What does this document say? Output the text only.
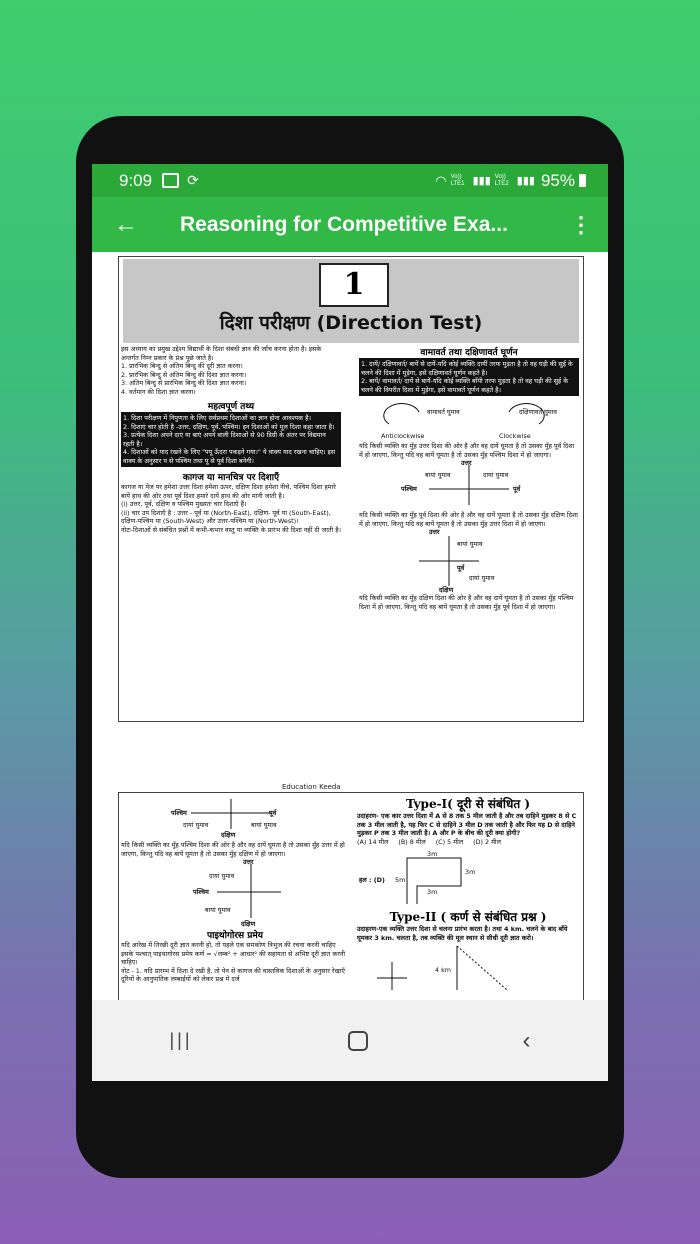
9:09	⟳	◠ Vo)) LTE1 ▮▮▮ Vo)) LTE2 ▮▮▮ 95%
←	Reasoning for Competitive Exa...	⋮
1
दिशा परीक्षण (Direction Test)
इस अध्याय का प्रमुख उद्देश्य विद्यार्थी के दिशा संबंधी ज्ञान की जाँच करना होता है। इसके अन्तर्गत निम्न प्रकार के प्रश्न पूछे जाते है।
1. प्रारंभिक बिन्दु से अंतिम बिन्दु की दूरी ज्ञात करना।
2. प्रारंभिक बिन्दु से अंतिम बिन्दु की दिशा ज्ञात करना।
3. अंतिम बिन्दु से प्रारंभिक बिन्दु की दिशा ज्ञात करना।
4. वर्तमान की दिशा ज्ञात करना।
महत्वपूर्ण तथ्य
1. दिशा परीक्षण में निपुणता के लिए सर्वप्रथम दिशाओं का ज्ञान होना आवश्यक है।
2. दिशाएं चार होती है -उत्तर, दक्षिण, पूर्व, पश्चिम। इन दिशाओं को मूल दिशा कहा जाता है।
3. प्रत्येक दिशा अपने दाएं या बाएं अपने वाली दिशाओं से 90 डिग्री के अंतर पर विद्यमान रहती है।
4. दिशाओं को याद रखने के लिए "पपू ऊँदरा पकड़ने गया।" ये वाक्य याद रखना चाहिए। इस वाक्य के अनुसार प से पश्चिम तथा पू से पूर्व दिशा बनेगी।
कागज या मानचित्र पर दिशाएँ
कागज या पेज पर हमेशा उत्तर दिशा हमेशा ऊपर, दक्षिण दिशा हमेशा नीचे, पश्चिम दिशा हमारे बायें हाथ की ओर तथा पूर्व दिशा हमारे दायें हाथ की ओर मानी जाती है।
(i) उत्तर, पूर्व, दक्षिण व पश्चिम मुख्यतः चार दिशाएँ हैं।
(ii) चार उप दिशाएँ है : उत्तर - पूर्व या (North-East), दक्षिण- पूर्व या (South-East), दक्षिण-पश्चिम या (South-West) और उत्तर-पश्चिम या (North-West)।
नोटः-दिशाओं से संबंधित प्रश्नों में कभी-कभार वस्तु या व्यक्ति के प्रारंभ की दिशा नहीं दी जाती है।
वामावर्त तथा दक्षिणावर्त घूर्णन
1. दायें/ दक्षिणावर्त/ बायें से दायें-यदि कोई व्यक्ति दायीं तरफ मुड़ता है तो वह घड़ी की सुई के चलने की दिशा में मुड़ेगा, इसे दक्षिणावर्त घूर्णन कहते है।
2. बायें/ वामावर्त/ दायें से बायें-यदि कोई व्यक्ति बाँयी तरफ मुड़ता है तो वह घड़ी की सुई के चलने की विपरीत दिशा में मुड़ेगा, इसे वामावर्त घूर्णन कहते है।
Anticlockwise	Clockwise
वामावर्त घुमाव	दक्षिणावर्त घुमाव
यदि किसी व्यक्ति का मुँह उत्तर दिशा की ओर है और वह दायें घूमता है तो उसका मुँह पूर्व दिशा में हो जाएगा, किन्तु यदि वह बायें घूमता है तो उसका मुँह पश्चिम दिशा में हो जाएगा।
उत्तर
पश्चिम	पूर्व
बायां घुमाव	दायां घुमाव
यदि किसी व्यक्ति का मुँह पूर्व दिशा की ओर है और वह दायें घूमता है तो उसका मुँह दक्षिण दिशा में हो जाएगा, किन्तु यदि वह बायें घूमता है तो उसका मुँह उत्तर दिशा में हो जाएगा।
उत्तर
पूर्व
दक्षिण
बायां घुमाव
दायां घुमाव
यदि किसी व्यक्ति का मुँह दक्षिण दिशा की ओर है और वह दायें घूमता है तो उसका मुँह पश्चिम दिशा में हो जाएगा, किन्तु यदि वह बायें घूमता है तो उसका मुँह पूर्व दिशा में हो जाएगा।
Education Keeda
पश्चिम	पूर्व
दक्षिण
दायां घुमाव	बायां घुमाव
यदि किसी व्यक्ति का मुँह पश्चिम दिशा की ओर है और वह दायें घूमता है तो उसका मुँह उत्तर में हो जाएगा, किन्तु यदि वह बायें घूमता है तो उसका मुँह दक्षिण में हो जाएगा।
उत्तर
पश्चिम
दक्षिण
दायां घुमाव
बायां घुमाव
पाइथोगोरस प्रमेय
यदि आरेख में तिरछी दूरी ज्ञात करनी हो, तो पहले एक समकोण त्रिभुज की रचना करनी चाहिए इसके पश्चात् पाइथागोरस प्रमेय कर्ण = √लम्ब² + आधार² की सहायता से अभिष्ट दूरी ज्ञात करनी चाहिए।
नोट - 1. यदि प्रारम्भ में दिशा दे रखी है, तो पेन से कागज की वास्तविक दिशाओं के अनुसार रेखाएँ दूरियों के आनुपातिक लम्बाईयों को लेकर प्रश्न मे दर्ज
Type-I( दूरी से संबंधित )
उदाहरण- एक कार उत्तर दिशा में A से 8 तक 5 मील जाती है और तब दाहिने मुड़कर 8 से C तक 3 मील जाती है, यह फिर C से दाहिने 3 मील D तक जाती है और फिर यह D से दाहिने मुड़कर P तक 3 मील जाती है। A और P के बीच की दूरी क्या होगी?
(A) 14 मील (B) 8 मील (C) 5 मील (D) 2 मील
हल : (D)
3m
3m
5m
3m
Type-II ( कर्ण से संबंधित प्रश्न )
उदाहरण-एक व्यक्ति उत्तर दिशा से चलना प्रारंभ करता है। तथा 4 km. चलने के बाद बाँये घूमकर 3 km. चलता है, तब व्यक्ति की मूल स्थान से सीधी दूरी ज्ञात करो।
4 km
|||	‹
